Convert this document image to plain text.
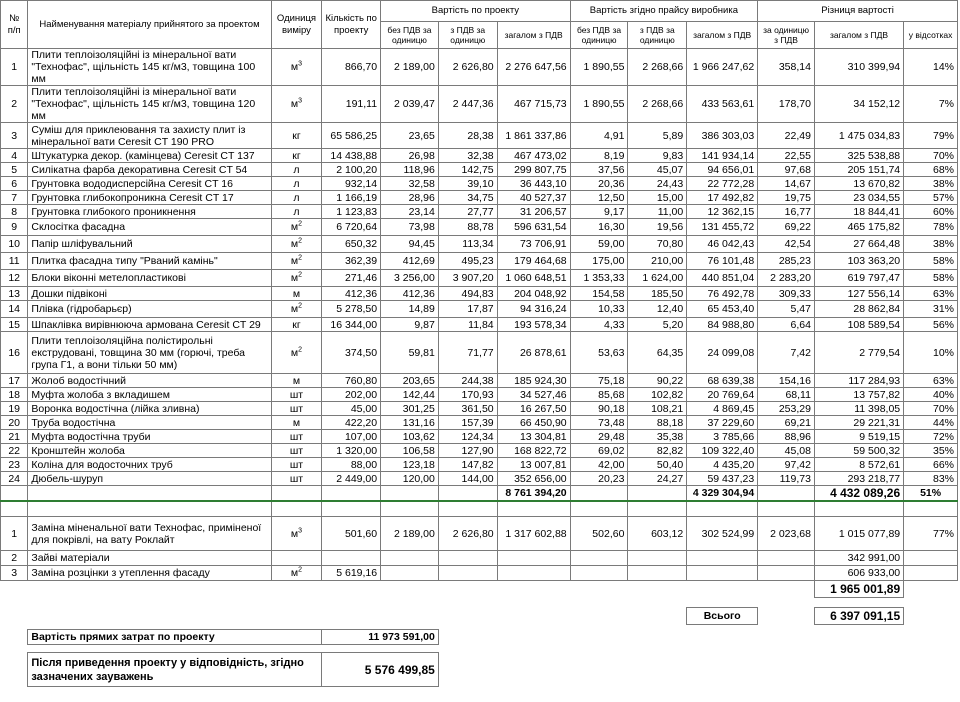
№ п/п	Найменування матеріалу прийнятого за проектом	Одиниця виміру	Кількість по проекту	Вартість по проекту			Вартість згідно прайсу виробника			Різниця вартості		
				без ПДВ за одиницю	з ПДВ за одиницю	загалом з ПДВ	без ПДВ за одиницю	з ПДВ за одиницю	загалом з ПДВ	за одиницю з ПДВ	загалом з ПДВ	у відсотках
1	Плити теплоізоляційні із мінеральної вати "Технофас", щільність 145 кг/м3, товщина 100 мм	$м^3$	866,70	2 189,00	2 626,80	2 276 647,56	1 890,55	2 268,66	1 966 247,62	358,14	310 399,94	14%
2	Плити теплоізоляційні із мінеральної вати "Технофас", щільність 145 кг/м3, товщина 120 мм	$м^3$	191,11	2 039,47	2 447,36	467 715,73	1 890,55	2 268,66	433 563,61	178,70	34 152,12	7%
3	Суміш для приклеювання та захисту плит із мінеральної вати Ceresit CT 190 PRO	кг	65 586,25	23,65	28,38	1 861 337,86	4,91	5,89	386 303,03	22,49	1 475 034,83	79%
4	Штукатурка декор. (камінцева) Ceresit CT 137	кг	14 438,88	26,98	32,38	467 473,02	8,19	9,83	141 934,14	22,55	325 538,88	70%
5	Силікатна фарба декоративна Ceresit CT 54	л	2 100,20	118,96	142,75	299 807,75	37,56	45,07	94 656,01	97,68	205 151,74	68%
6	Грунтовка вододисперсійна Ceresit CT 16	л	932,14	32,58	39,10	36 443,10	20,36	24,43	22 772,28	14,67	13 670,82	38%
7	Грунтовка глибокопроникна Ceresit CT 17	л	1 166,19	28,96	34,75	40 527,37	12,50	15,00	17 492,82	19,75	23 034,55	57%
8	Грунтовка глибокого проникнення	л	1 123,83	23,14	27,77	31 206,57	9,17	11,00	12 362,15	16,77	18 844,41	60%
9	Склосітка фасадна	$м^2$	6 720,64	73,98	88,78	596 631,54	16,30	19,56	131 455,72	69,22	465 175,82	78%
10	Папір шліфувальний	$м^2$	650,32	94,45	113,34	73 706,91	59,00	70,80	46 042,43	42,54	27 664,48	38%
11	Плитка фасадна типу "Рваний камінь"	$м^2$	362,39	412,69	495,23	179 464,68	175,00	210,00	76 101,48	285,23	103 363,20	58%
12	Блоки віконні метелопластикові	$м^2$	271,46	3 256,00	3 907,20	1 060 648,51	1 353,33	1 624,00	440 851,04	2 283,20	619 797,47	58%
13	Дошки підвіконі	м	412,36	412,36	494,83	204 048,92	154,58	185,50	76 492,78	309,33	127 556,14	63%
14	Плівка (гідробарьєр)	$м^2$	5 278,50	14,89	17,87	94 316,24	10,33	12,40	65 453,40	5,47	28 862,84	31%
15	Шпаклівка вирівнююча армована Ceresit CT 29	кг	16 344,00	9,87	11,84	193 578,34	4,33	5,20	84 988,80	6,64	108 589,54	56%
16	Плити теплоізоляційна полістирольні екструдовані, товщина 30 мм (горючі, треба група Г1, а вони тільки 50 мм)	$м^2$	374,50	59,81	71,77	26 878,61	53,63	64,35	24 099,08	7,42	2 779,54	10%
17	Жолоб водостічний	м	760,80	203,65	244,38	185 924,30	75,18	90,22	68 639,38	154,16	117 284,93	63%
18	Муфта жолоба з вкладишем	шт	202,00	142,44	170,93	34 527,46	85,68	102,82	20 769,64	68,11	13 757,82	40%
19	Воронка водостічна (лійка зливна)	шт	45,00	301,25	361,50	16 267,50	90,18	108,21	4 869,45	253,29	11 398,05	70%
20	Труба водостічна	м	422,20	131,16	157,39	66 450,90	73,48	88,18	37 229,60	69,21	29 221,31	44%
21	Муфта водостічна труби	шт	107,00	103,62	124,34	13 304,81	29,48	35,38	3 785,66	88,96	9 519,15	72%
22	Кронштейн жолоба	шт	1 320,00	106,58	127,90	168 822,72	69,02	82,82	109 322,40	45,08	59 500,32	35%
23	Коліна для водосточних труб	шт	88,00	123,18	147,82	13 007,81	42,00	50,40	4 435,20	97,42	8 572,61	66%
24	Дюбель-шуруп	шт	2 449,00	120,00	144,00	352 656,00	20,23	24,27	59 437,23	119,73	293 218,77	83%
						8 761 394,20			4 329 304,94		4 432 089,26	51%

1	Заміна міненальної вати Технофас, приміненої для покрівлі, на вату Роклайт	$м^3$	501,60	2 189,00	2 626,80	1 317 602,88	502,60	603,12	302 524,99	2 023,68	1 015 077,89	77%
2	Зайві матеріали										342 991,00	
3	Заміна розцінки з утеплення фасаду	$м^2$	5 619,16								606 933,00	
											1 965 001,89	

									Всього		6 397 091,15	

	Вартість прямих затрат по проекту		11 973 591,00									

	Після приведення проекту у відповідність, згідно зазначених зауважень		5 576 499,85									
